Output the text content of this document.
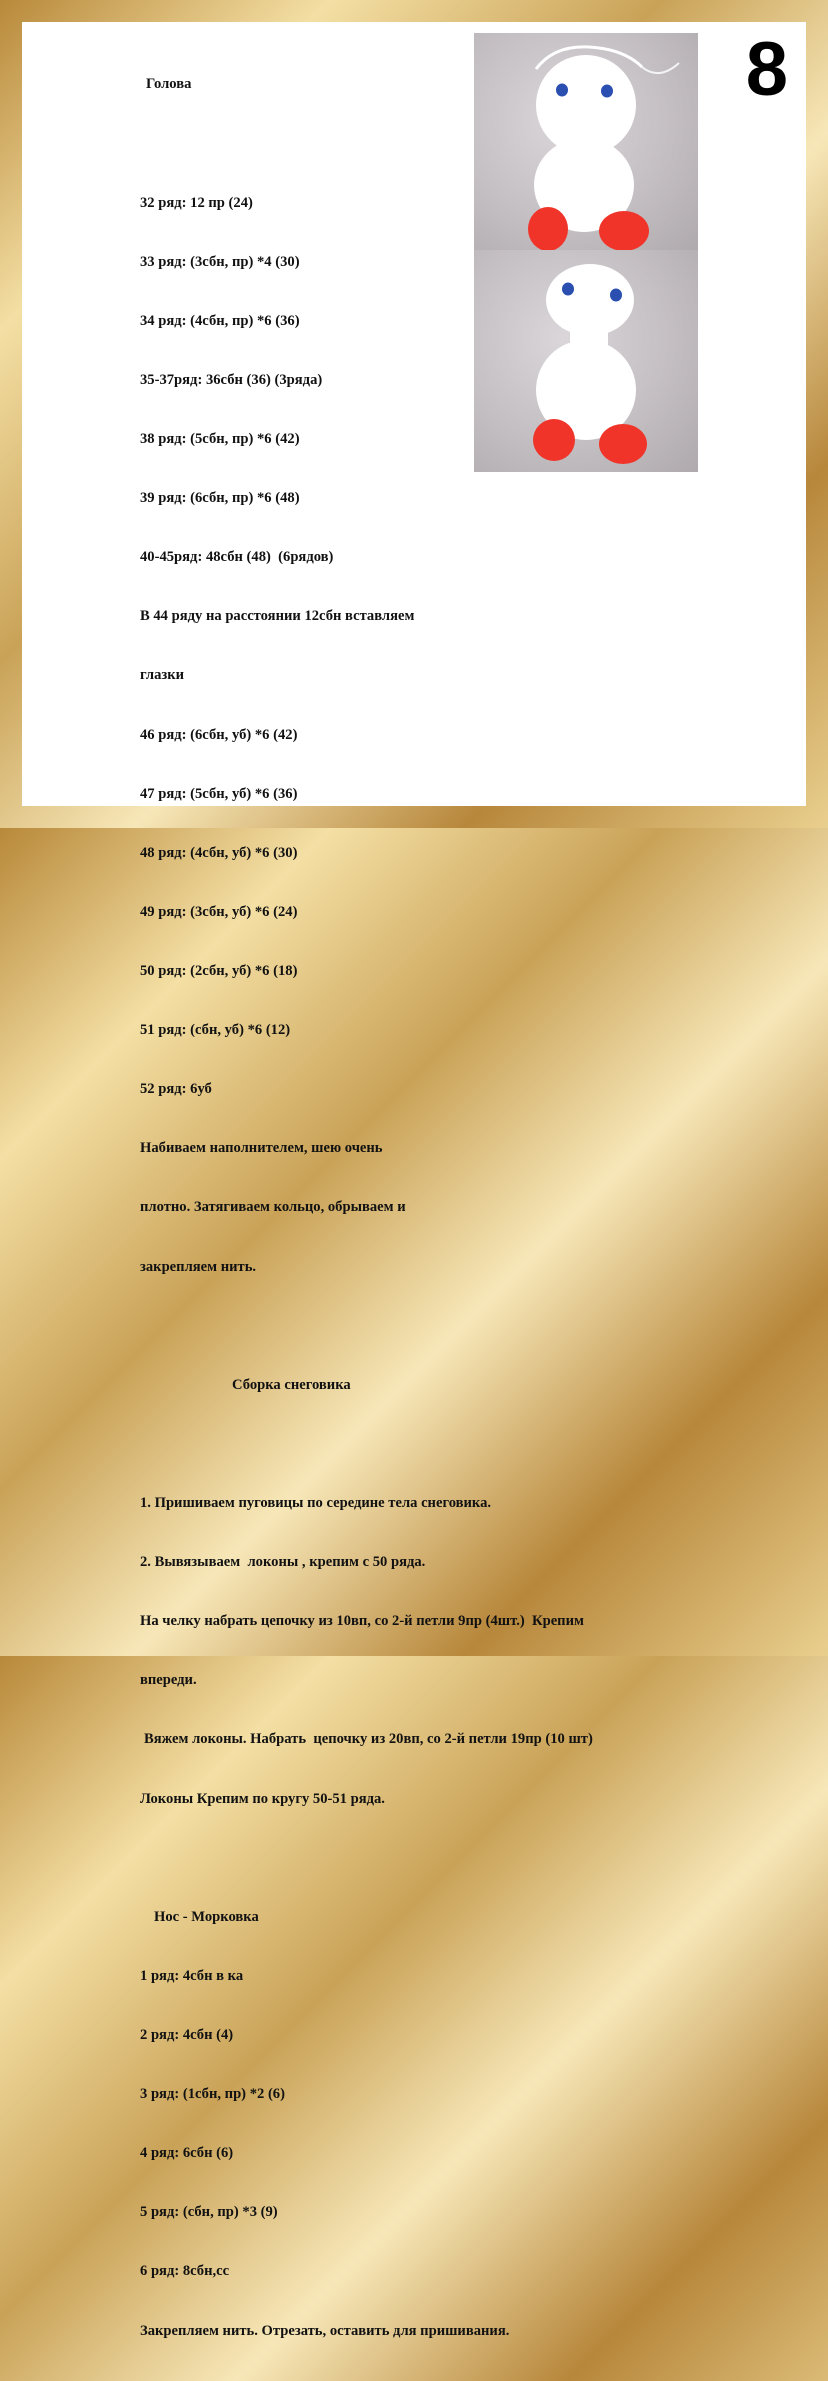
Голова

32 ряд: 12 пр (24)

33 ряд: (3сбн, пр) *4 (30)

34 ряд: (4сбн, пр) *6 (36)

35-37ряд: 36сбн (36) (3ряда)

38 ряд: (5сбн, пр) *6 (42)

39 ряд: (6сбн, пр) *6 (48)

40-45ряд: 48сбн (48)  (6рядов)

В 44 ряду на расстоянии 12сбн вставляем

глазки

46 ряд: (6сбн, уб) *6 (42)

47 ряд: (5сбн, уб) *6 (36)

48 ряд: (4сбн, уб) *6 (30)

49 ряд: (3сбн, уб) *6 (24)

50 ряд: (2сбн, уб) *6 (18)

51 ряд: (сбн, уб) *6 (12)

52 ряд: 6уб

Набиваем наполнителем, шею очень

плотно. Затягиваем кольцо, обрываем и

закрепляем нить.

Сборка снеговика

1. Пришиваем пуговицы по середине тела снеговика.

2. Вывязываем  локоны , крепим с 50 ряда.

На челку набрать цепочку из 10вп, со 2-й петли 9пр (4шт.)  Крепим

впереди.

Вяжем локоны. Набрать  цепочку из 20вп, со 2-й петли 19пр (10 шт)

Локоны Крепим по кругу 50-51 ряда.

Нос - Морковка

1 ряд: 4сбн в ка

2 ряд: 4сбн (4)

3 ряд: (1сбн, пр) *2 (6)

4 ряд: 6сбн (6)

5 ряд: (сбн, пр) *3 (9)

6 ряд: 8сбн,сс

Закрепляем нить. Отрезать, оставить для пришивания.

8
